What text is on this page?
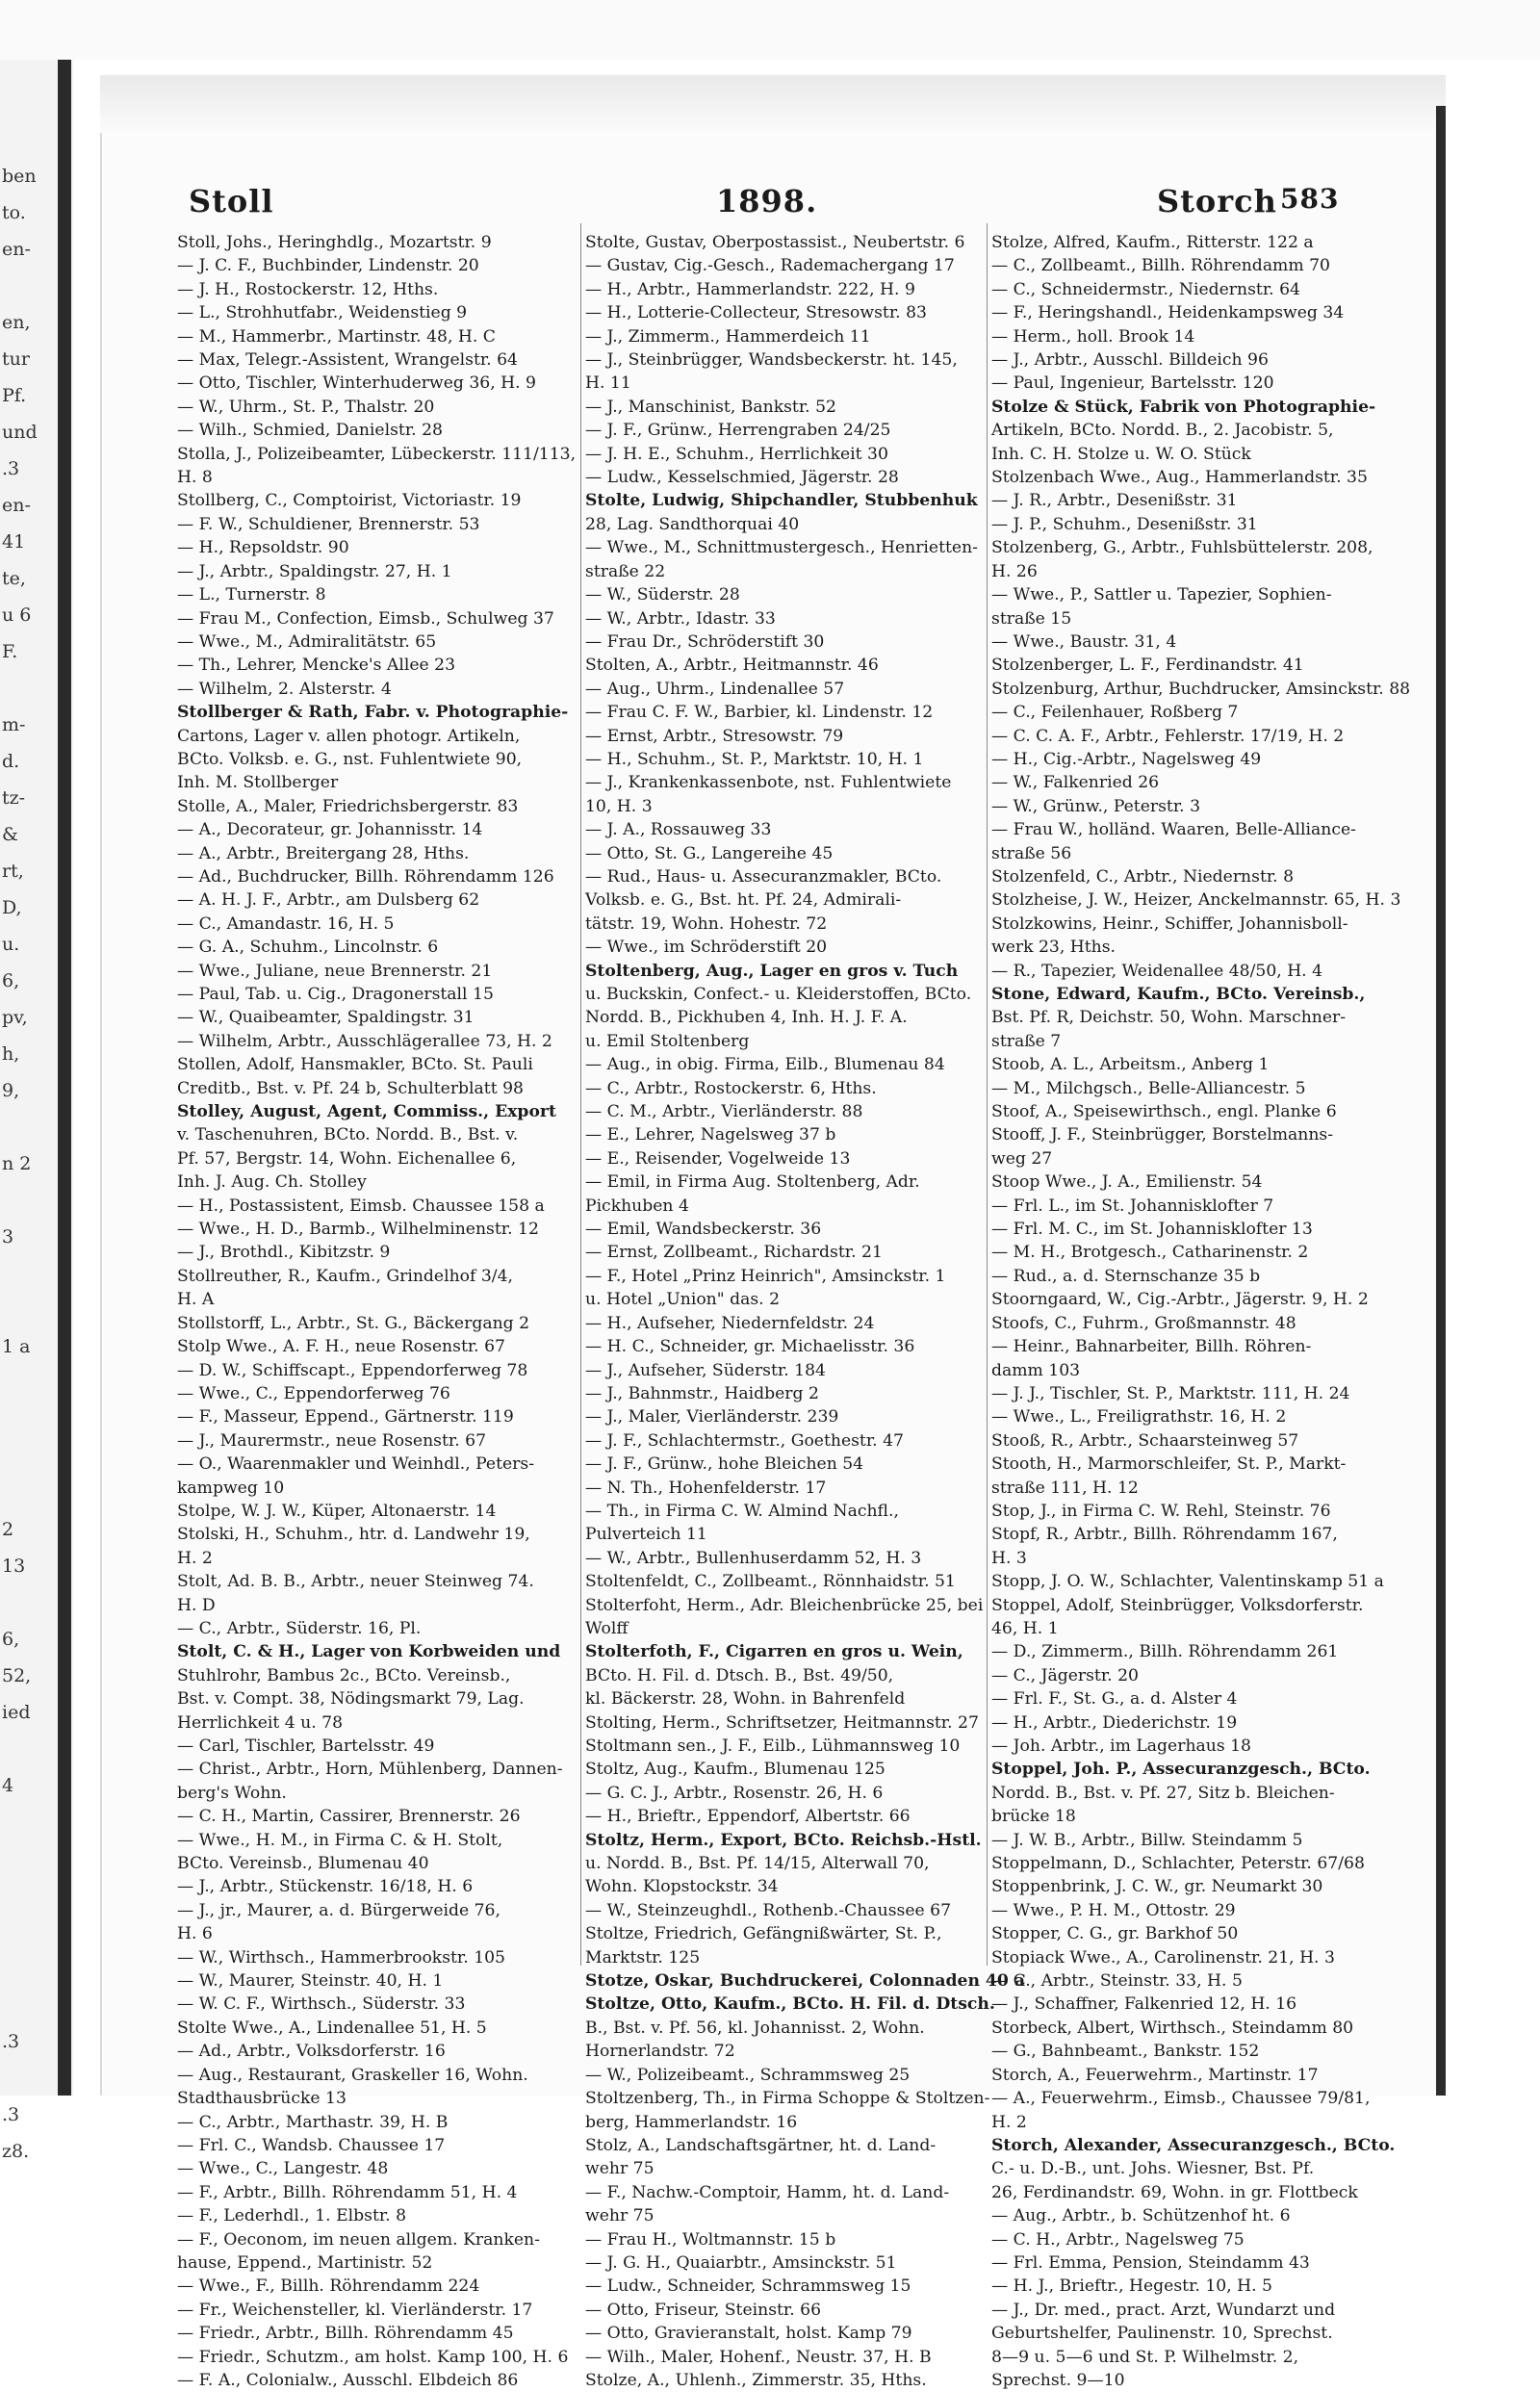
ben
to.
en-
en,
tur
Pf.
und
.3
en-
41
te,
u 6
F.
m-
d.
tz-
&
rt,
D,
u.
6,
pv,
h,
9,
n 2
3
1 a
2
13
6,
52,
ied
4
.3
.3
z8.
Stoll	1898.	Storch 583
Stoll, Johs., Heringhdlg., Mozartstr. 9
— J. C. F., Buchbinder, Lindenstr. 20
— J. H., Rostockerstr. 12, Hths.
— L., Strohhutfabr., Weidenstieg 9
— M., Hammerbr., Martinstr. 48, H. C
— Max, Telegr.-Assistent, Wrangelstr. 64
— Otto, Tischler, Winterhuderweg 36, H. 9
— W., Uhrm., St. P., Thalstr. 20
— Wilh., Schmied, Danielstr. 28
Stolla, J., Polizeibeamter, Lübeckerstr. 111/113,
H. 8
Stollberg, C., Comptoirist, Victoriastr. 19
— F. W., Schuldiener, Brennerstr. 53
— H., Repsoldstr. 90
— J., Arbtr., Spaldingstr. 27, H. 1
— L., Turnerstr. 8
— Frau M., Confection, Eimsb., Schulweg 37
— Wwe., M., Admiralitätstr. 65
— Th., Lehrer, Mencke's Allee 23
— Wilhelm, 2. Alsterstr. 4
Stollberger & Rath, Fabr. v. Photographie-
Cartons, Lager v. allen photogr. Artikeln,
BCto. Volksb. e. G., nst. Fuhlentwiete 90,
Inh. M. Stollberger
Stolle, A., Maler, Friedrichsbergerstr. 83
— A., Decorateur, gr. Johannisstr. 14
— A., Arbtr., Breitergang 28, Hths.
— Ad., Buchdrucker, Billh. Röhrendamm 126
— A. H. J. F., Arbtr., am Dulsberg 62
— C., Amandastr. 16, H. 5
— G. A., Schuhm., Lincolnstr. 6
— Wwe., Juliane, neue Brennerstr. 21
— Paul, Tab. u. Cig., Dragonerstall 15
— W., Quaibeamter, Spaldingstr. 31
— Wilhelm, Arbtr., Ausschlägerallee 73, H. 2
Stollen, Adolf, Hansmakler, BCto. St. Pauli
Creditb., Bst. v. Pf. 24 b, Schulterblatt 98
Stolley, August, Agent, Commiss., Export
v. Taschenuhren, BCto. Nordd. B., Bst. v.
Pf. 57, Bergstr. 14, Wohn. Eichenallee 6,
Inh. J. Aug. Ch. Stolley
— H., Postassistent, Eimsb. Chaussee 158 a
— Wwe., H. D., Barmb., Wilhelminenstr. 12
— J., Brothdl., Kibitzstr. 9
Stollreuther, R., Kaufm., Grindelhof 3/4,
H. A
Stollstorff, L., Arbtr., St. G., Bäckergang 2
Stolp Wwe., A. F. H., neue Rosenstr. 67
— D. W., Schiffscapt., Eppendorferweg 78
— Wwe., C., Eppendorferweg 76
— F., Masseur, Eppend., Gärtnerstr. 119
— J., Maurermstr., neue Rosenstr. 67
— O., Waarenmakler und Weinhdl., Peters-
kampweg 10
Stolpe, W. J. W., Küper, Altonaerstr. 14
Stolski, H., Schuhm., htr. d. Landwehr 19,
H. 2
Stolt, Ad. B. B., Arbtr., neuer Steinweg 74.
H. D
— C., Arbtr., Süderstr. 16, Pl.
Stolt, C. & H., Lager von Korbweiden und
Stuhlrohr, Bambus 2c., BCto. Vereinsb.,
Bst. v. Compt. 38, Nödingsmarkt 79, Lag.
Herrlichkeit 4 u. 78
— Carl, Tischler, Bartelsstr. 49
— Christ., Arbtr., Horn, Mühlenberg, Dannen-
berg's Wohn.
— C. H., Martin, Cassirer, Brennerstr. 26
— Wwe., H. M., in Firma C. & H. Stolt,
BCto. Vereinsb., Blumenau 40
— J., Arbtr., Stückenstr. 16/18, H. 6
— J., jr., Maurer, a. d. Bürgerweide 76,
H. 6
— W., Wirthsch., Hammerbrookstr. 105
— W., Maurer, Steinstr. 40, H. 1
— W. C. F., Wirthsch., Süderstr. 33
Stolte Wwe., A., Lindenallee 51, H. 5
— Ad., Arbtr., Volksdorferstr. 16
— Aug., Restaurant, Graskeller 16, Wohn.
Stadthausbrücke 13
— C., Arbtr., Marthastr. 39, H. B
— Frl. C., Wandsb. Chaussee 17
— Wwe., C., Langestr. 48
— F., Arbtr., Billh. Röhrendamm 51, H. 4
— F., Lederhdl., 1. Elbstr. 8
— F., Oeconom, im neuen allgem. Kranken-
hause, Eppend., Martinistr. 52
— Wwe., F., Billh. Röhrendamm 224
— Fr., Weichensteller, kl. Vierländerstr. 17
— Friedr., Arbtr., Billh. Röhrendamm 45
— Friedr., Schutzm., am holst. Kamp 100, H. 6
— F. A., Colonialw., Ausschl. Elbdeich 86
Stolte, Gustav, Oberpostassist., Neubertstr. 6
— Gustav, Cig.-Gesch., Rademachergang 17
— H., Arbtr., Hammerlandstr. 222, H. 9
— H., Lotterie-Collecteur, Stresowstr. 83
— J., Zimmerm., Hammerdeich 11
— J., Steinbrügger, Wandsbeckerstr. ht. 145,
H. 11
— J., Manschinist, Bankstr. 52
— J. F., Grünw., Herrengraben 24/25
— J. H. E., Schuhm., Herrlichkeit 30
— Ludw., Kesselschmied, Jägerstr. 28
Stolte, Ludwig, Shipchandler, Stubbenhuk
28, Lag. Sandthorquai 40
— Wwe., M., Schnittmustergesch., Henrietten-
straße 22
— W., Süderstr. 28
— W., Arbtr., Idastr. 33
— Frau Dr., Schröderstift 30
Stolten, A., Arbtr., Heitmannstr. 46
— Aug., Uhrm., Lindenallee 57
— Frau C. F. W., Barbier, kl. Lindenstr. 12
— Ernst, Arbtr., Stresowstr. 79
— H., Schuhm., St. P., Marktstr. 10, H. 1
— J., Krankenkassenbote, nst. Fuhlentwiete
10, H. 3
— J. A., Rossauweg 33
— Otto, St. G., Langereihe 45
— Rud., Haus- u. Assecuranzmakler, BCto.
Volksb. e. G., Bst. ht. Pf. 24, Admirali-
tätstr. 19, Wohn. Hohestr. 72
— Wwe., im Schröderstift 20
Stoltenberg, Aug., Lager en gros v. Tuch
u. Buckskin, Confect.- u. Kleiderstoffen, BCto.
Nordd. B., Pickhuben 4, Inh. H. J. F. A.
u. Emil Stoltenberg
— Aug., in obig. Firma, Eilb., Blumenau 84
— C., Arbtr., Rostockerstr. 6, Hths.
— C. M., Arbtr., Vierländerstr. 88
— E., Lehrer, Nagelsweg 37 b
— E., Reisender, Vogelweide 13
— Emil, in Firma Aug. Stoltenberg, Adr.
Pickhuben 4
— Emil, Wandsbeckerstr. 36
— Ernst, Zollbeamt., Richardstr. 21
— F., Hotel „Prinz Heinrich", Amsinckstr. 1
u. Hotel „Union" das. 2
— H., Aufseher, Niedernfeldstr. 24
— H. C., Schneider, gr. Michaelisstr. 36
— J., Aufseher, Süderstr. 184
— J., Bahnmstr., Haidberg 2
— J., Maler, Vierländerstr. 239
— J. F., Schlachtermstr., Goethestr. 47
— J. F., Grünw., hohe Bleichen 54
— N. Th., Hohenfelderstr. 17
— Th., in Firma C. W. Almind Nachfl.,
Pulverteich 11
— W., Arbtr., Bullenhuserdamm 52, H. 3
Stoltenfeldt, C., Zollbeamt., Rönnhaidstr. 51
Stolterfoht, Herm., Adr. Bleichenbrücke 25, bei
Wolff
Stolterfoth, F., Cigarren en gros u. Wein,
BCto. H. Fil. d. Dtsch. B., Bst. 49/50,
kl. Bäckerstr. 28, Wohn. in Bahrenfeld
Stolting, Herm., Schriftsetzer, Heitmannstr. 27
Stoltmann sen., J. F., Eilb., Lühmannsweg 10
Stoltz, Aug., Kaufm., Blumenau 125
— G. C. J., Arbtr., Rosenstr. 26, H. 6
— H., Brieftr., Eppendorf, Albertstr. 66
Stoltz, Herm., Export, BCto. Reichsb.-Hstl.
u. Nordd. B., Bst. Pf. 14/15, Alterwall 70,
Wohn. Klopstockstr. 34
— W., Steinzeughdl., Rothenb.-Chaussee 67
Stoltze, Friedrich, Gefängnißwärter, St. P.,
Marktstr. 125
Stotze, Oskar, Buchdruckerei, Colonnaden 40 a
Stoltze, Otto, Kaufm., BCto. H. Fil. d. Dtsch.
B., Bst. v. Pf. 56, kl. Johannisst. 2, Wohn.
Hornerlandstr. 72
— W., Polizeibeamt., Schrammsweg 25
Stoltzenberg, Th., in Firma Schoppe & Stoltzen-
berg, Hammerlandstr. 16
Stolz, A., Landschaftsgärtner, ht. d. Land-
wehr 75
— F., Nachw.-Comptoir, Hamm, ht. d. Land-
wehr 75
— Frau H., Woltmannstr. 15 b
— J. G. H., Quaiarbtr., Amsinckstr. 51
— Ludw., Schneider, Schrammsweg 15
— Otto, Friseur, Steinstr. 66
— Otto, Gravieranstalt, holst. Kamp 79
— Wilh., Maler, Hohenf., Neustr. 37, H. B
Stolze, A., Uhlenh., Zimmerstr. 35, Hths.
Stolze, Alfred, Kaufm., Ritterstr. 122 a
— C., Zollbeamt., Billh. Röhrendamm 70
— C., Schneidermstr., Niedernstr. 64
— F., Heringshandl., Heidenkampsweg 34
— Herm., holl. Brook 14
— J., Arbtr., Ausschl. Billdeich 96
— Paul, Ingenieur, Bartelsstr. 120
Stolze & Stück, Fabrik von Photographie-
Artikeln, BCto. Nordd. B., 2. Jacobistr. 5,
Inh. C. H. Stolze u. W. O. Stück
Stolzenbach Wwe., Aug., Hammerlandstr. 35
— J. R., Arbtr., Desenißstr. 31
— J. P., Schuhm., Desenißstr. 31
Stolzenberg, G., Arbtr., Fuhlsbüttelerstr. 208,
H. 26
— Wwe., P., Sattler u. Tapezier, Sophien-
straße 15
— Wwe., Baustr. 31, 4
Stolzenberger, L. F., Ferdinandstr. 41
Stolzenburg, Arthur, Buchdrucker, Amsinckstr. 88
— C., Feilenhauer, Roßberg 7
— C. C. A. F., Arbtr., Fehlerstr. 17/19, H. 2
— H., Cig.-Arbtr., Nagelsweg 49
— W., Falkenried 26
— W., Grünw., Peterstr. 3
— Frau W., holländ. Waaren, Belle-Alliance-
straße 56
Stolzenfeld, C., Arbtr., Niedernstr. 8
Stolzheise, J. W., Heizer, Anckelmannstr. 65, H. 3
Stolzkowins, Heinr., Schiffer, Johannisboll-
werk 23, Hths.
— R., Tapezier, Weidenallee 48/50, H. 4
Stone, Edward, Kaufm., BCto. Vereinsb.,
Bst. Pf. R, Deichstr. 50, Wohn. Marschner-
straße 7
Stoob, A. L., Arbeitsm., Anberg 1
— M., Milchgsch., Belle-Alliancestr. 5
Stoof, A., Speisewirthsch., engl. Planke 6
Stooff, J. F., Steinbrügger, Borstelmanns-
weg 27
Stoop Wwe., J. A., Emilienstr. 54
— Frl. L., im St. Johannisklofter 7
— Frl. M. C., im St. Johannisklofter 13
— M. H., Brotgesch., Catharinenstr. 2
— Rud., a. d. Sternschanze 35 b
Stoorngaard, W., Cig.-Arbtr., Jägerstr. 9, H. 2
Stoofs, C., Fuhrm., Großmannstr. 48
— Heinr., Bahnarbeiter, Billh. Röhren-
damm 103
— J. J., Tischler, St. P., Marktstr. 111, H. 24
— Wwe., L., Freiligrathstr. 16, H. 2
Stooß, R., Arbtr., Schaarsteinweg 57
Stooth, H., Marmorschleifer, St. P., Markt-
straße 111, H. 12
Stop, J., in Firma C. W. Rehl, Steinstr. 76
Stopf, R., Arbtr., Billh. Röhrendamm 167,
H. 3
Stopp, J. O. W., Schlachter, Valentinskamp 51 a
Stoppel, Adolf, Steinbrügger, Volksdorferstr.
46, H. 1
— D., Zimmerm., Billh. Röhrendamm 261
— C., Jägerstr. 20
— Frl. F., St. G., a. d. Alster 4
— H., Arbtr., Diederichstr. 19
— Joh. Arbtr., im Lagerhaus 18
Stoppel, Joh. P., Assecuranzgesch., BCto.
Nordd. B., Bst. v. Pf. 27, Sitz b. Bleichen-
brücke 18
— J. W. B., Arbtr., Billw. Steindamm 5
Stoppelmann, D., Schlachter, Peterstr. 67/68
Stoppenbrink, J. C. W., gr. Neumarkt 30
— Wwe., P. H. M., Ottostr. 29
Stopper, C. G., gr. Barkhof 50
Stopiack Wwe., A., Carolinenstr. 21, H. 3
— C., Arbtr., Steinstr. 33, H. 5
— J., Schaffner, Falkenried 12, H. 16
Storbeck, Albert, Wirthsch., Steindamm 80
— G., Bahnbeamt., Bankstr. 152
Storch, A., Feuerwehrm., Martinstr. 17
— A., Feuerwehrm., Eimsb., Chaussee 79/81,
H. 2
Storch, Alexander, Assecuranzgesch., BCto.
C.- u. D.-B., unt. Johs. Wiesner, Bst. Pf.
26, Ferdinandstr. 69, Wohn. in gr. Flottbeck
— Aug., Arbtr., b. Schützenhof ht. 6
— C. H., Arbtr., Nagelsweg 75
— Frl. Emma, Pension, Steindamm 43
— H. J., Brieftr., Hegestr. 10, H. 5
— J., Dr. med., pract. Arzt, Wundarzt und
Geburtshelfer, Paulinenstr. 10, Sprechst.
8—9 u. 5—6 und St. P. Wilhelmstr. 2,
Sprechst. 9—10
